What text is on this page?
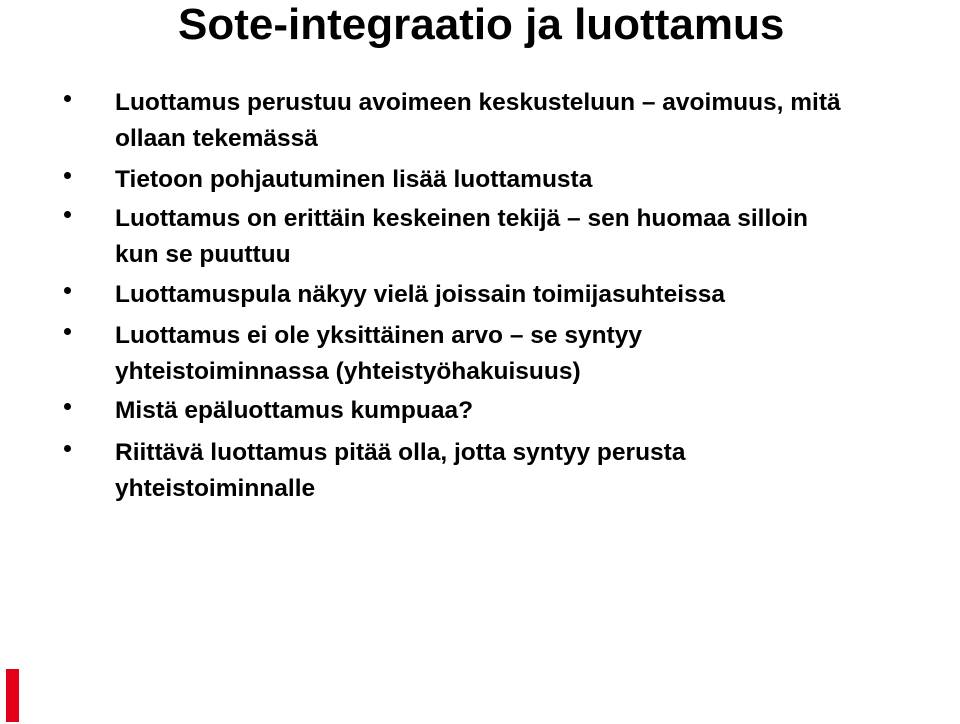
Sote-integraatio ja luottamus
Luottamus perustuu avoimeen keskusteluun – avoimuus, mitä
ollaan tekemässä
Tietoon pohjautuminen lisää luottamusta
Luottamus on erittäin keskeinen tekijä – sen huomaa silloin
kun se puuttuu
Luottamuspula näkyy vielä joissain toimijasuhteissa
Luottamus ei ole yksittäinen arvo – se syntyy
yhteistoiminnassa (yhteistyöhakuisuus)
Mistä epäluottamus kumpuaa?
Riittävä luottamus pitää olla, jotta syntyy perusta
yhteistoiminnalle
